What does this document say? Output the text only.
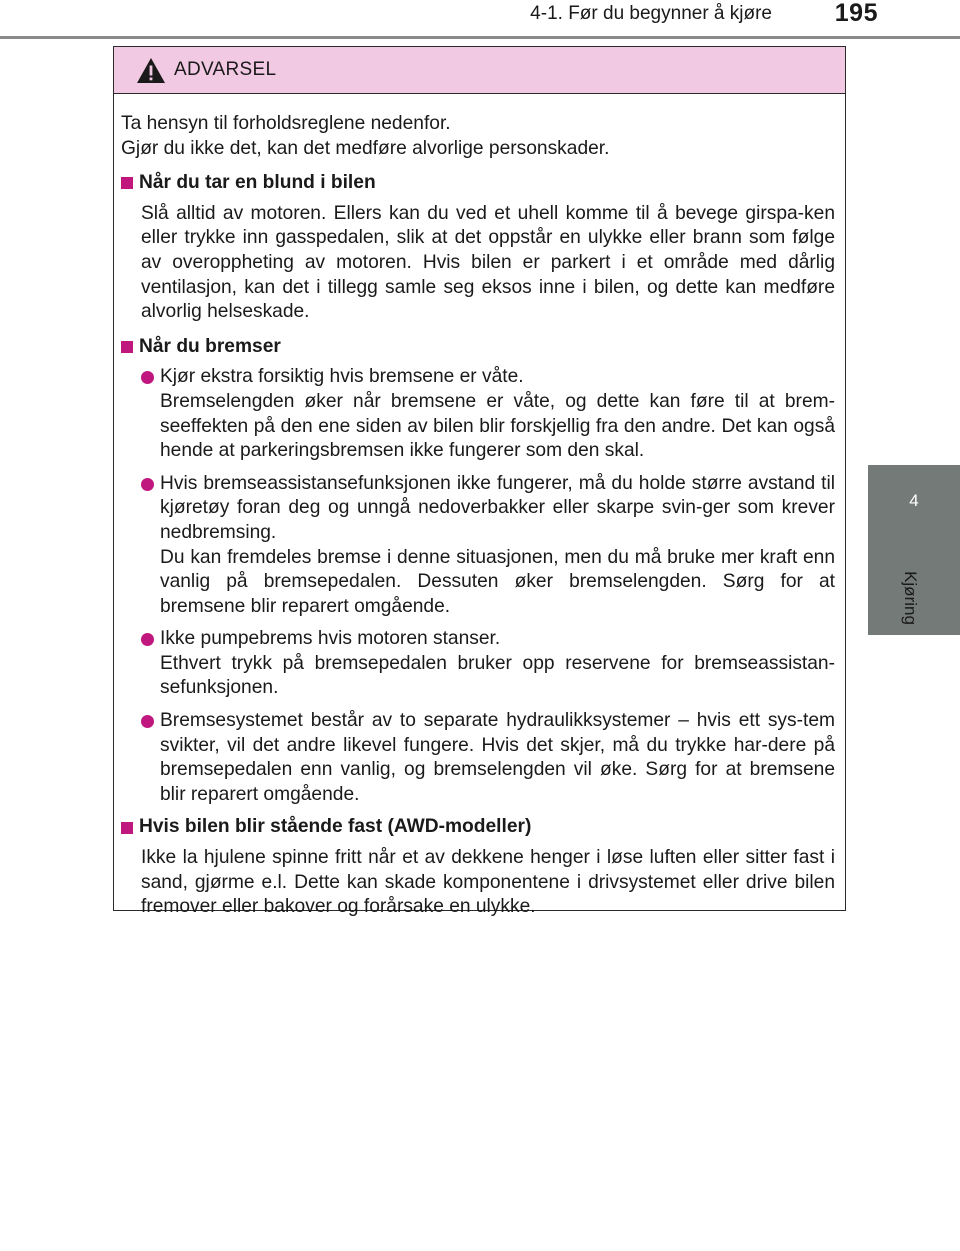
4-1. Før du begynner å kjøre	195
4
Kjøring
ADVARSEL

Ta hensyn til forholdsreglene nedenfor.

Gjør du ikke det, kan det medføre alvorlige personskader.

Når du tar en blund i bilen

Slå alltid av motoren. Ellers kan du ved et uhell komme til å bevege girspa-ken eller trykke inn gasspedalen, slik at det oppstår en ulykke eller brann som følge av overoppheting av motoren. Hvis bilen er parkert i et område med dårlig ventilasjon, kan det i tillegg samle seg eksos inne i bilen, og dette kan medføre alvorlig helseskade.

Når du bremser

Kjør ekstra forsiktig hvis bremsene er våte.

Bremselengden øker når bremsene er våte, og dette kan føre til at brem-seeffekten på den ene siden av bilen blir forskjellig fra den andre. Det kan også hende at parkeringsbremsen ikke fungerer som den skal.

Hvis bremseassistansefunksjonen ikke fungerer, må du holde større avstand til kjøretøy foran deg og unngå nedoverbakker eller skarpe svin-ger som krever nedbremsing.

Du kan fremdeles bremse i denne situasjonen, men du må bruke mer kraft enn vanlig på bremsepedalen. Dessuten øker bremselengden. Sørg for at bremsene blir reparert omgående.

Ikke pumpebrems hvis motoren stanser.

Ethvert trykk på bremsepedalen bruker opp reservene for bremseassistan-sefunksjonen.

Bremsesystemet består av to separate hydraulikksystemer – hvis ett sys-tem svikter, vil det andre likevel fungere. Hvis det skjer, må du trykke har-dere på bremsepedalen enn vanlig, og bremselengden vil øke. Sørg for at bremsene blir reparert omgående.

Hvis bilen blir stående fast (AWD-modeller)

Ikke la hjulene spinne fritt når et av dekkene henger i løse luften eller sitter fast i sand, gjørme e.l. Dette kan skade komponentene i drivsystemet eller drive bilen fremover eller bakover og forårsake en ulykke.
